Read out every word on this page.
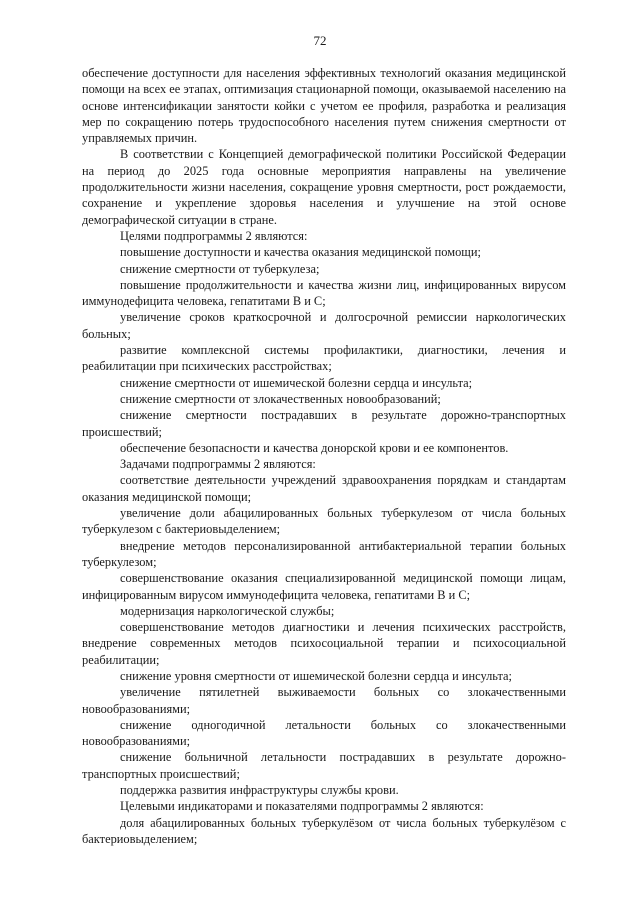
72

обеспечение доступности для населения эффективных технологий оказания медицинской помощи на всех ее этапах, оптимизация стационарной помощи, оказываемой населению на основе интенсификации занятости койки с учетом ее профиля, разработка и реализация мер по сокращению потерь трудоспособного населения путем снижения смертности от управляемых причин.

В соответствии с Концепцией демографической политики Российской Федерации на период до 2025 года основные мероприятия направлены на увеличение продолжительности жизни населения, сокращение уровня смертности, рост рождаемости, сохранение и укрепление здоровья населения и улучшение на этой основе демографической ситуации в стране.

Целями подпрограммы 2 являются:

повышение доступности и качества оказания медицинской помощи;

снижение смертности от туберкулеза;

повышение продолжительности и качества жизни лиц, инфицированных вирусом иммунодефицита человека, гепатитами В и С;

увеличение сроков краткосрочной и долгосрочной ремиссии наркологических больных;

развитие комплексной системы профилактики, диагностики, лечения и реабилитации при психических расстройствах;

снижение смертности от ишемической болезни сердца и инсульта;

снижение смертности от злокачественных новообразований;

снижение смертности пострадавших в результате дорожно-транспортных происшествий;

обеспечение безопасности и качества донорской крови и ее компонентов.

Задачами подпрограммы 2 являются:

соответствие деятельности учреждений здравоохранения порядкам и стандартам оказания медицинской помощи;

увеличение доли абацилированных больных туберкулезом от числа больных туберкулезом с бактериовыделением;

внедрение методов персонализированной антибактериальной терапии больных туберкулезом;

совершенствование оказания специализированной медицинской помощи лицам, инфицированным вирусом иммунодефицита человека, гепатитами В и С;

модернизация наркологической службы;

совершенствование методов диагностики и лечения психических расстройств, внедрение современных методов психосоциальной терапии и психосоциальной реабилитации;

снижение уровня смертности от ишемической болезни сердца и инсульта;

увеличение пятилетней выживаемости больных со злокачественными новообразованиями;

снижение одногодичной летальности больных со злокачественными новообразованиями;

снижение больничной летальности пострадавших в результате дорожно-транспортных происшествий;

поддержка развития инфраструктуры службы крови.

Целевыми индикаторами и показателями подпрограммы 2 являются:

доля абацилированных больных туберкулёзом от числа больных туберкулёзом с бактериовыделением;
